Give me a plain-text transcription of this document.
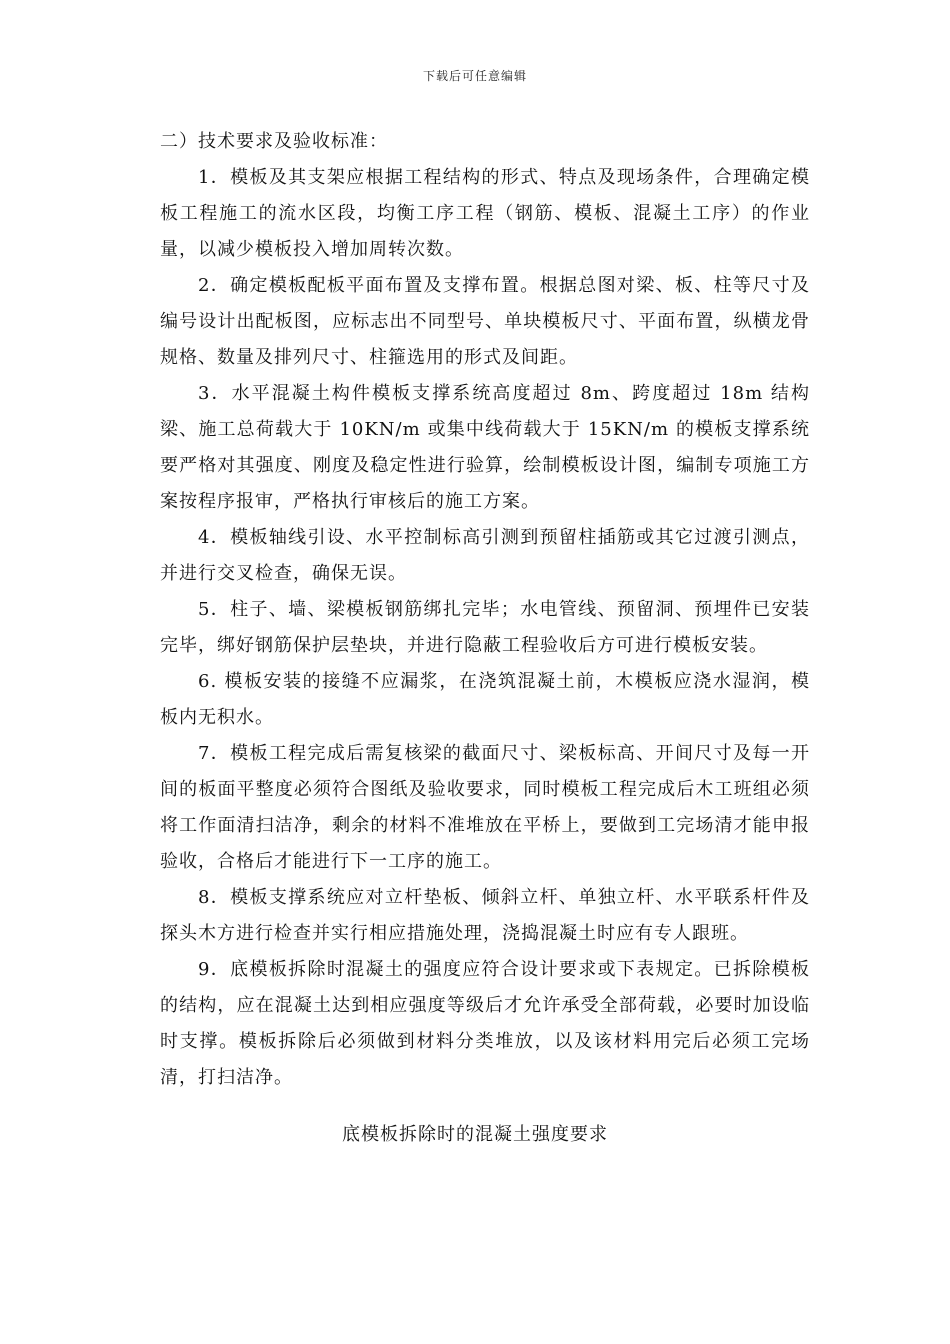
下载后可任意编辑

二）技术要求及验收标准：

1．模板及其支架应根据工程结构的形式、特点及现场条件，合理确定模板工程施工的流水区段，均衡工序工程（钢筋、模板、混凝土工序）的作业量，以减少模板投入增加周转次数。

2．确定模板配板平面布置及支撑布置。根据总图对梁、板、柱等尺寸及编号设计出配板图，应标志出不同型号、单块模板尺寸、平面布置，纵横龙骨规格、数量及排列尺寸、柱箍选用的形式及间距。

3．水平混凝土构件模板支撑系统高度超过 8m、跨度超过 18m 结构梁、施工总荷载大于 10KN/m 或集中线荷载大于 15KN/m 的模板支撑系统要严格对其强度、刚度及稳定性进行验算，绘制模板设计图，编制专项施工方案按程序报审，严格执行审核后的施工方案。

4．模板轴线引设、水平控制标高引测到预留柱插筋或其它过渡引测点，并进行交叉检查，确保无误。

5．柱子、墙、梁模板钢筋绑扎完毕；水电管线、预留洞、预埋件已安装完毕，绑好钢筋保护层垫块，并进行隐蔽工程验收后方可进行模板安装。

6. 模板安装的接缝不应漏浆，在浇筑混凝土前，木模板应浇水湿润，模板内无积水。

7．模板工程完成后需复核梁的截面尺寸、梁板标高、开间尺寸及每一开间的板面平整度必须符合图纸及验收要求，同时模板工程完成后木工班组必须将工作面清扫洁净，剩余的材料不准堆放在平桥上，要做到工完场清才能申报验收，合格后才能进行下一工序的施工。

8．模板支撑系统应对立杆垫板、倾斜立杆、单独立杆、水平联系杆件及探头木方进行检查并实行相应措施处理，浇捣混凝土时应有专人跟班。

9．底模板拆除时混凝土的强度应符合设计要求或下表规定。已拆除模板的结构，应在混凝土达到相应强度等级后才允许承受全部荷载，必要时加设临时支撑。模板拆除后必须做到材料分类堆放，以及该材料用完后必须工完场清，打扫洁净。

底模板拆除时的混凝土强度要求
